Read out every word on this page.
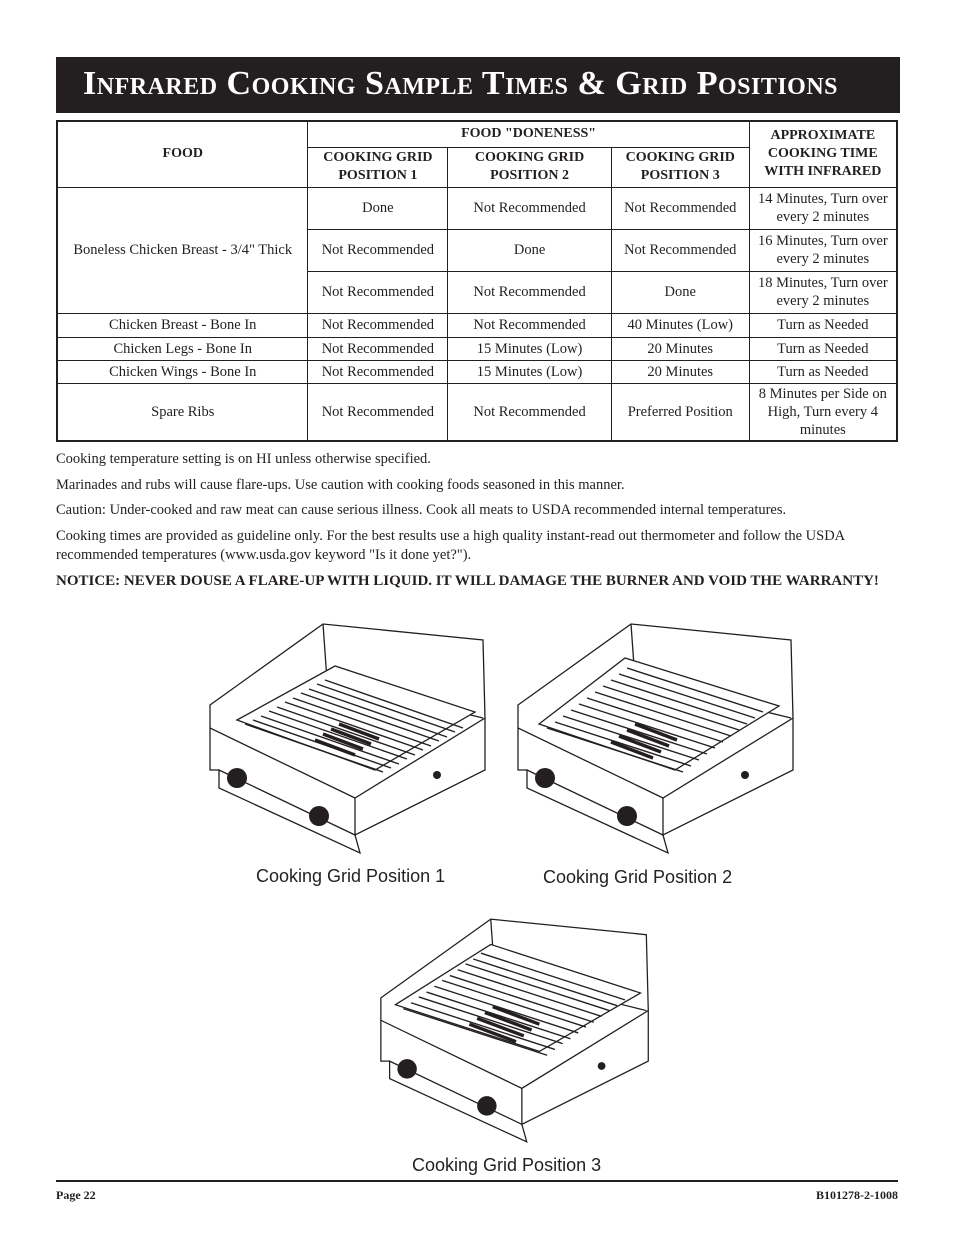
Infrared Cooking Sample Times & Grid Positions
FOOD	FOOD "DONENESS"			APPROXIMATE COOKING TIME WITH INFRARED
	COOKING GRID POSITION 1	COOKING GRID POSITION 2	COOKING GRID POSITION 3	
Boneless Chicken Breast - 3/4" Thick	Done	Not Recommended	Not Recommended	14 Minutes, Turn over every 2 minutes
	Not Recommended	Done	Not Recommended	16 Minutes, Turn over every 2 minutes
	Not Recommended	Not Recommended	Done	18 Minutes, Turn over every 2 minutes
Chicken Breast - Bone In	Not Recommended	Not Recommended	40 Minutes (Low)	Turn as Needed
Chicken Legs - Bone In	Not Recommended	15 Minutes (Low)	20 Minutes	Turn as Needed
Chicken Wings - Bone In	Not Recommended	15 Minutes (Low)	20 Minutes	Turn as Needed
Spare Ribs	Not Recommended	Not Recommended	Preferred Position	8 Minutes per Side on High, Turn every 4 minutes
Cooking temperature setting is on HI unless otherwise specified.
Marinades and rubs will cause flare-ups. Use caution with cooking foods seasoned in this manner.
Caution: Under-cooked and raw meat can cause serious illness. Cook all meats to USDA recommended internal temperatures.
Cooking times are provided as guideline only. For the best results use a high quality instant-read out thermometer and follow the USDA recommended temperatures (www.usda.gov keyword "Is it done yet?").
NOTICE: NEVER DOUSE A FLARE-UP WITH LIQUID. IT WILL DAMAGE THE BURNER AND VOID THE WARRANTY!
Cooking Grid Position 1	Cooking Grid Position 2
Cooking Grid Position 3
Page 22	B101278-2-1008
